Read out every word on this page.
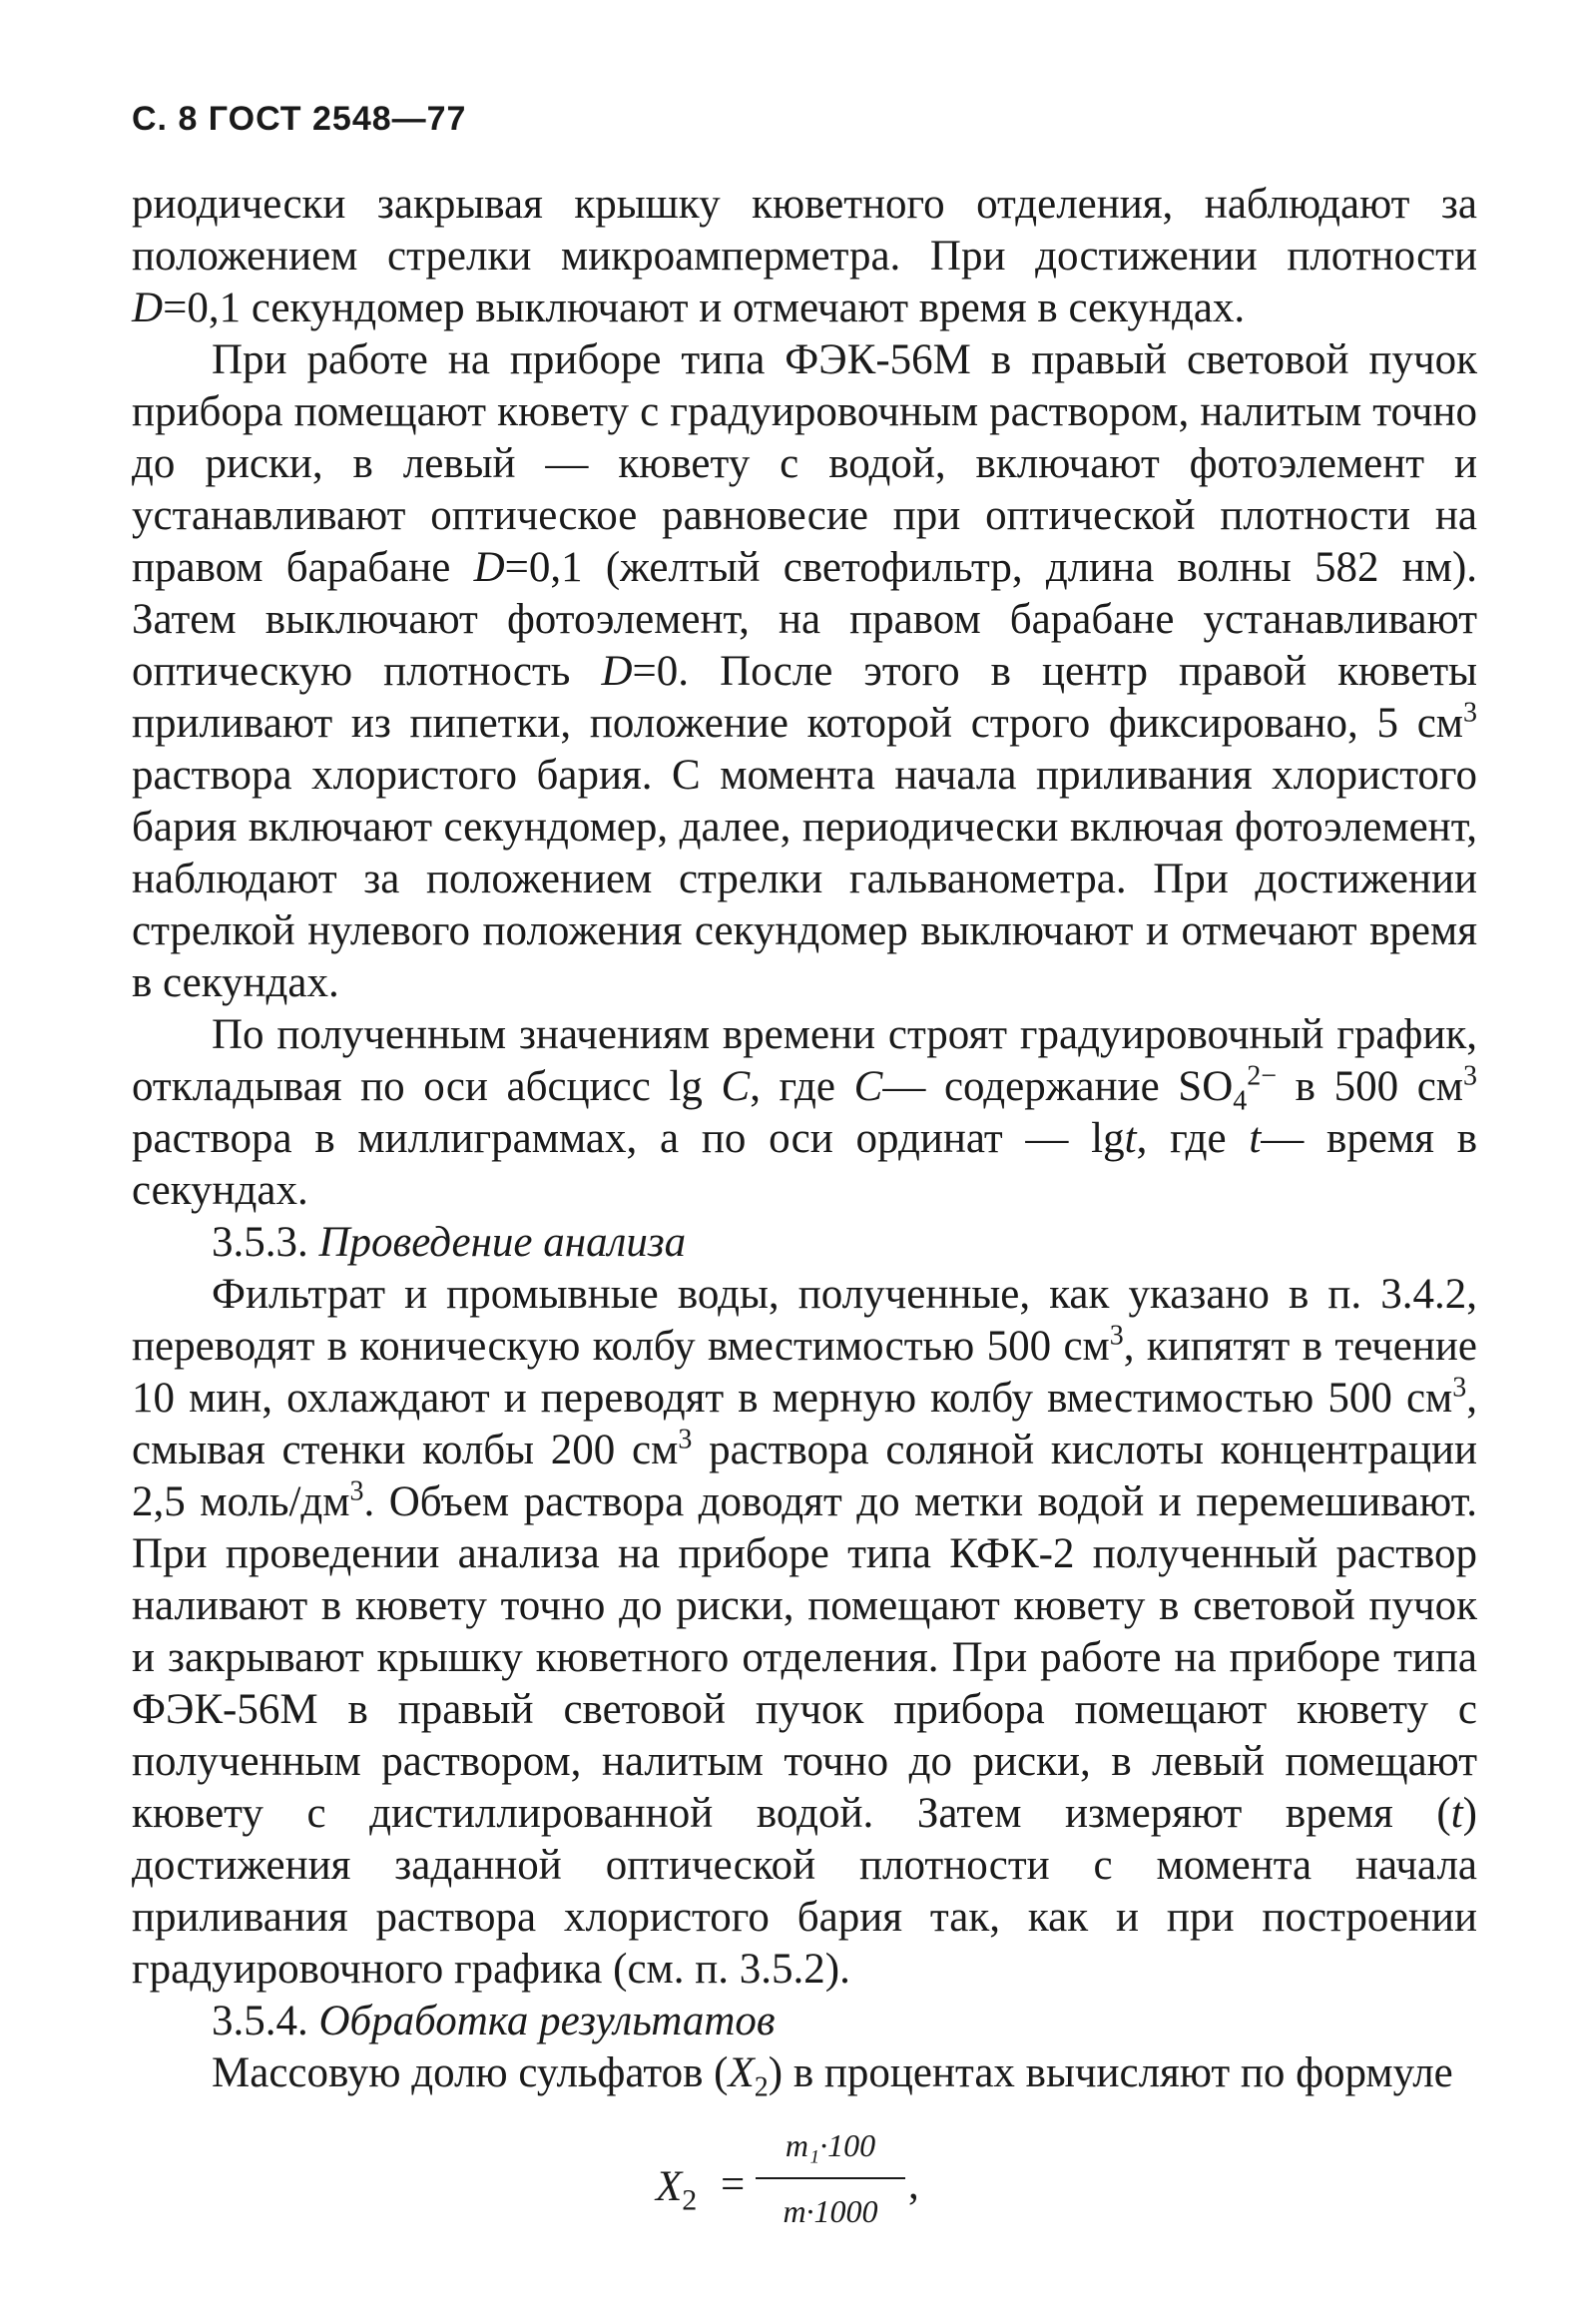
С. 8 ГОСТ 2548—77

риодически закрывая крышку кюветного отделения, наблюдают за положением стрелки микроамперметра. При достижении плотности D=0,1 секундомер выключают и отмечают время в секундах.

При работе на приборе типа ФЭК-56М в правый световой пучок прибора помещают кювету с градуировочным раствором, налитым точно до риски, в левый — кювету с водой, включают фотоэлемент и устанавливают оптическое равновесие при оптической плотности на правом барабане D=0,1 (желтый светофильтр, длина волны 582 нм). Затем выключают фотоэлемент, на правом барабане устанавливают оптическую плотность D=0. После этого в центр правой кюветы приливают из пипетки, положение которой строго фиксировано, 5 $см^3$ раствора хлористого бария. С момента начала приливания хлористого бария включают секундомер, далее, периодически включая фотоэлемент, наблюдают за положением стрелки гальванометра. При достижении стрелкой нулевого положения секундомер выключают и отмечают время в секундах.

По полученным значениям времени строят градуировочный график, откладывая по оси абсцисс lg C, где C— содержание $SO_4^{2-}$ в 500 $см^3$ раствора в миллиграммах, а по оси ординат — lgt, где t— время в секундах.

3.5.3. Проведение анализа

Фильтрат и промывные воды, полученные, как указано в п. 3.4.2, переводят в коническую колбу вместимостью 500 $см^3$, кипятят в течение 10 мин, охлаждают и переводят в мерную колбу вместимостью 500 $см^3$, смывая стенки колбы 200 $см^3$ раствора соляной кислоты концентрации 2,5 моль/$дм^3$. Объем раствора доводят до метки водой и перемешивают. При проведении анализа на приборе типа КФК-2 полученный раствор наливают в кювету точно до риски, помещают кювету в световой пучок и закрывают крышку кюветного отделения. При работе на приборе типа ФЭК-56М в правый световой пучок прибора помещают кювету с полученным раствором, налитым точно до риски, в левый помещают кювету с дистиллированной водой. Затем измеряют время (t) достижения заданной оптической плотности с момента начала приливания раствора хлористого бария так, как и при построении градуировочного графика (см. п. 3.5.2).

3.5.4. Обработка результатов

Массовую долю сульфатов $(X_2)$ в процентах вычисляют по формуле

$X_2 = \frac{\text{m₁·100}}{m\cdot 1000}$ ,
